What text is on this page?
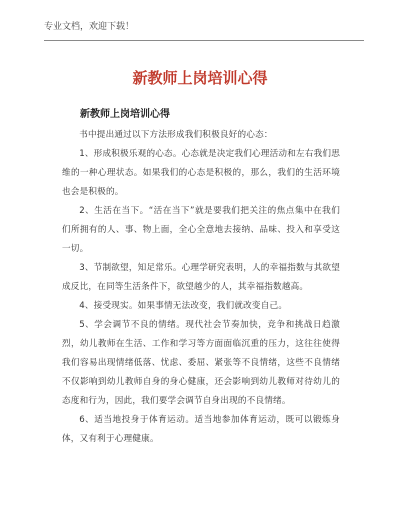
专业文档，欢迎下载！
新教师上岗培训心得
新教师上岗培训心得

书中提出通过以下方法形成我们积极良好的心态：

1、形成积极乐观的心态。心态就是决定我们心理活动和左右我们思维的一种心理状态。如果我们的心态是积极的，那么，我们的生活环境也会是积极的。

2、生活在当下。“活在当下”就是要我们把关注的焦点集中在我们们所拥有的人、事、物上面，全心全意地去接纳、品味、投入和享受这一切。

3、节制欲望，知足常乐。心理学研究表明，人的幸福指数与其欲望成反比，在同等生活条件下，欲望越少的人，其幸福指数越高。

4、接受现实。如果事情无法改变，我们就改变自己。

5、学会调节不良的情绪。现代社会节奏加快，竞争和挑战日趋激烈，幼儿教师在生活、工作和学习等方面面临沉重的压力，这往往使得我们容易出现情绪低落、忧虑、委屈、紧张等不良情绪，这些不良情绪不仅影响到幼儿教师自身的身心健康，还会影响到幼儿教师对待幼儿的态度和行为，因此，我们要学会调节自身出现的不良情绪。

6、适当地投身于体育运动。适当地参加体育运动，既可以锻炼身体，又有利于心理健康。
